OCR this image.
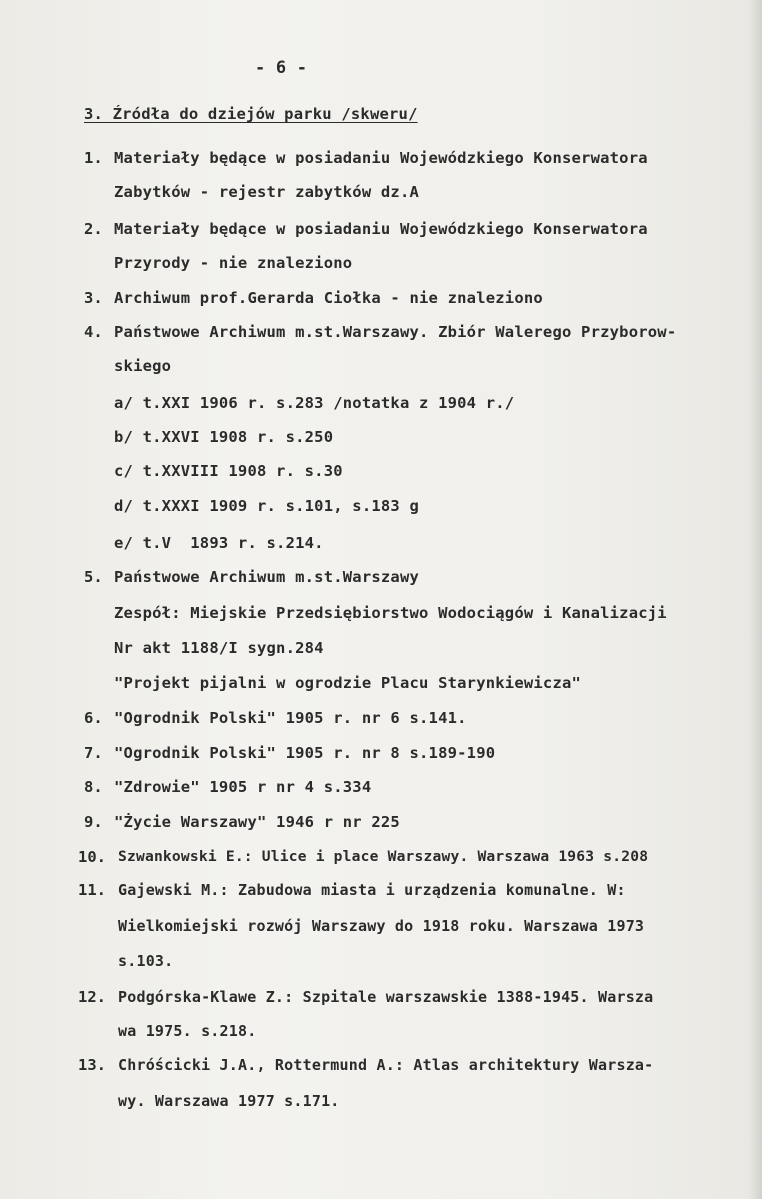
- 6 -
3. Źródła do dziejów parku /skweru/
1. Materiały będące w posiadaniu Wojewódzkiego Konserwatora
Zabytków - rejestr zabytków dz.A
2. Materiały będące w posiadaniu Wojewódzkiego Konserwatora
Przyrody - nie znaleziono
3. Archiwum prof.Gerarda Ciołka - nie znaleziono
4. Państwowe Archiwum m.st.Warszawy. Zbiór Walerego Przyborow-
skiego
a/ t.XXI 1906 r. s.283 /notatka z 1904 r./
b/ t.XXVI 1908 r. s.250
c/ t.XXVIII 1908 r. s.30
d/ t.XXXI 1909 r. s.101, s.183 g
e/ t.V  1893 r. s.214.
5. Państwowe Archiwum m.st.Warszawy
Zespół: Miejskie Przedsiębiorstwo Wodociągów i Kanalizacji
Nr akt 1188/I sygn.284
"Projekt pijalni w ogrodzie Placu Starynkiewicza"
6. "Ogrodnik Polski" 1905 r. nr 6 s.141.
7. "Ogrodnik Polski" 1905 r. nr 8 s.189-190
8. "Zdrowie" 1905 r nr 4 s.334
9. "Życie Warszawy" 1946 r nr 225
10. Szwankowski E.: Ulice i place Warszawy. Warszawa 1963 s.208
11. Gajewski M.: Zabudowa miasta i urządzenia komunalne. W:
Wielkomiejski rozwój Warszawy do 1918 roku. Warszawa 1973
s.103.
12. Podgórska-Klawe Z.: Szpitale warszawskie 1388-1945. Warsza
wa 1975. s.218.
13. Chróścicki J.A., Rottermund A.: Atlas architektury Warsza-
wy. Warszawa 1977 s.171.
